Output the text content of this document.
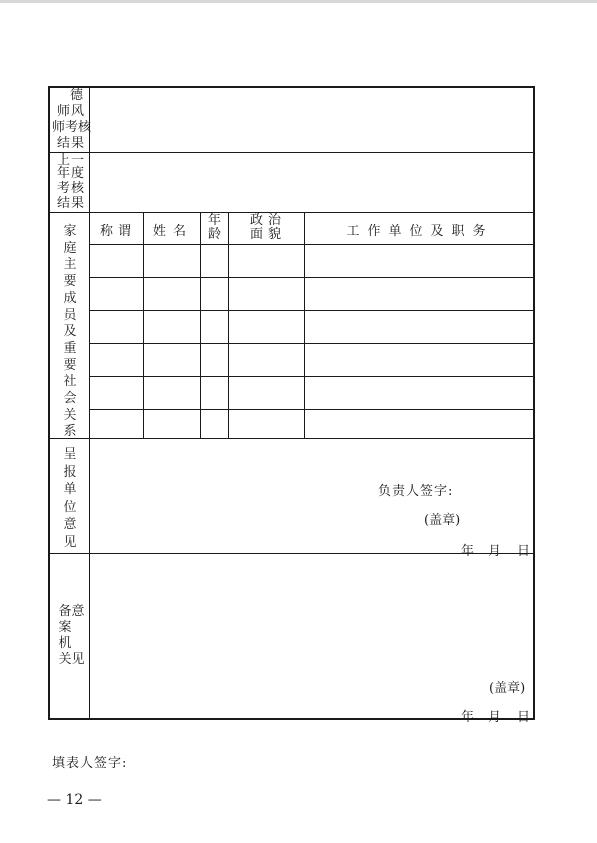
德
师风
师考核
结果
上一
年度
考核
结果
家
庭
主
要
成
员
及
重
要
社
会
关
系
称谓	姓名
年
龄
政治
面貌	工作单位及职务
呈
报
单
位
意
见
负责人签字:
(盖章)
年 月 日
备
案
机
关
意
见
(盖章)
年 月 日
填表人签字:
— 12 —
